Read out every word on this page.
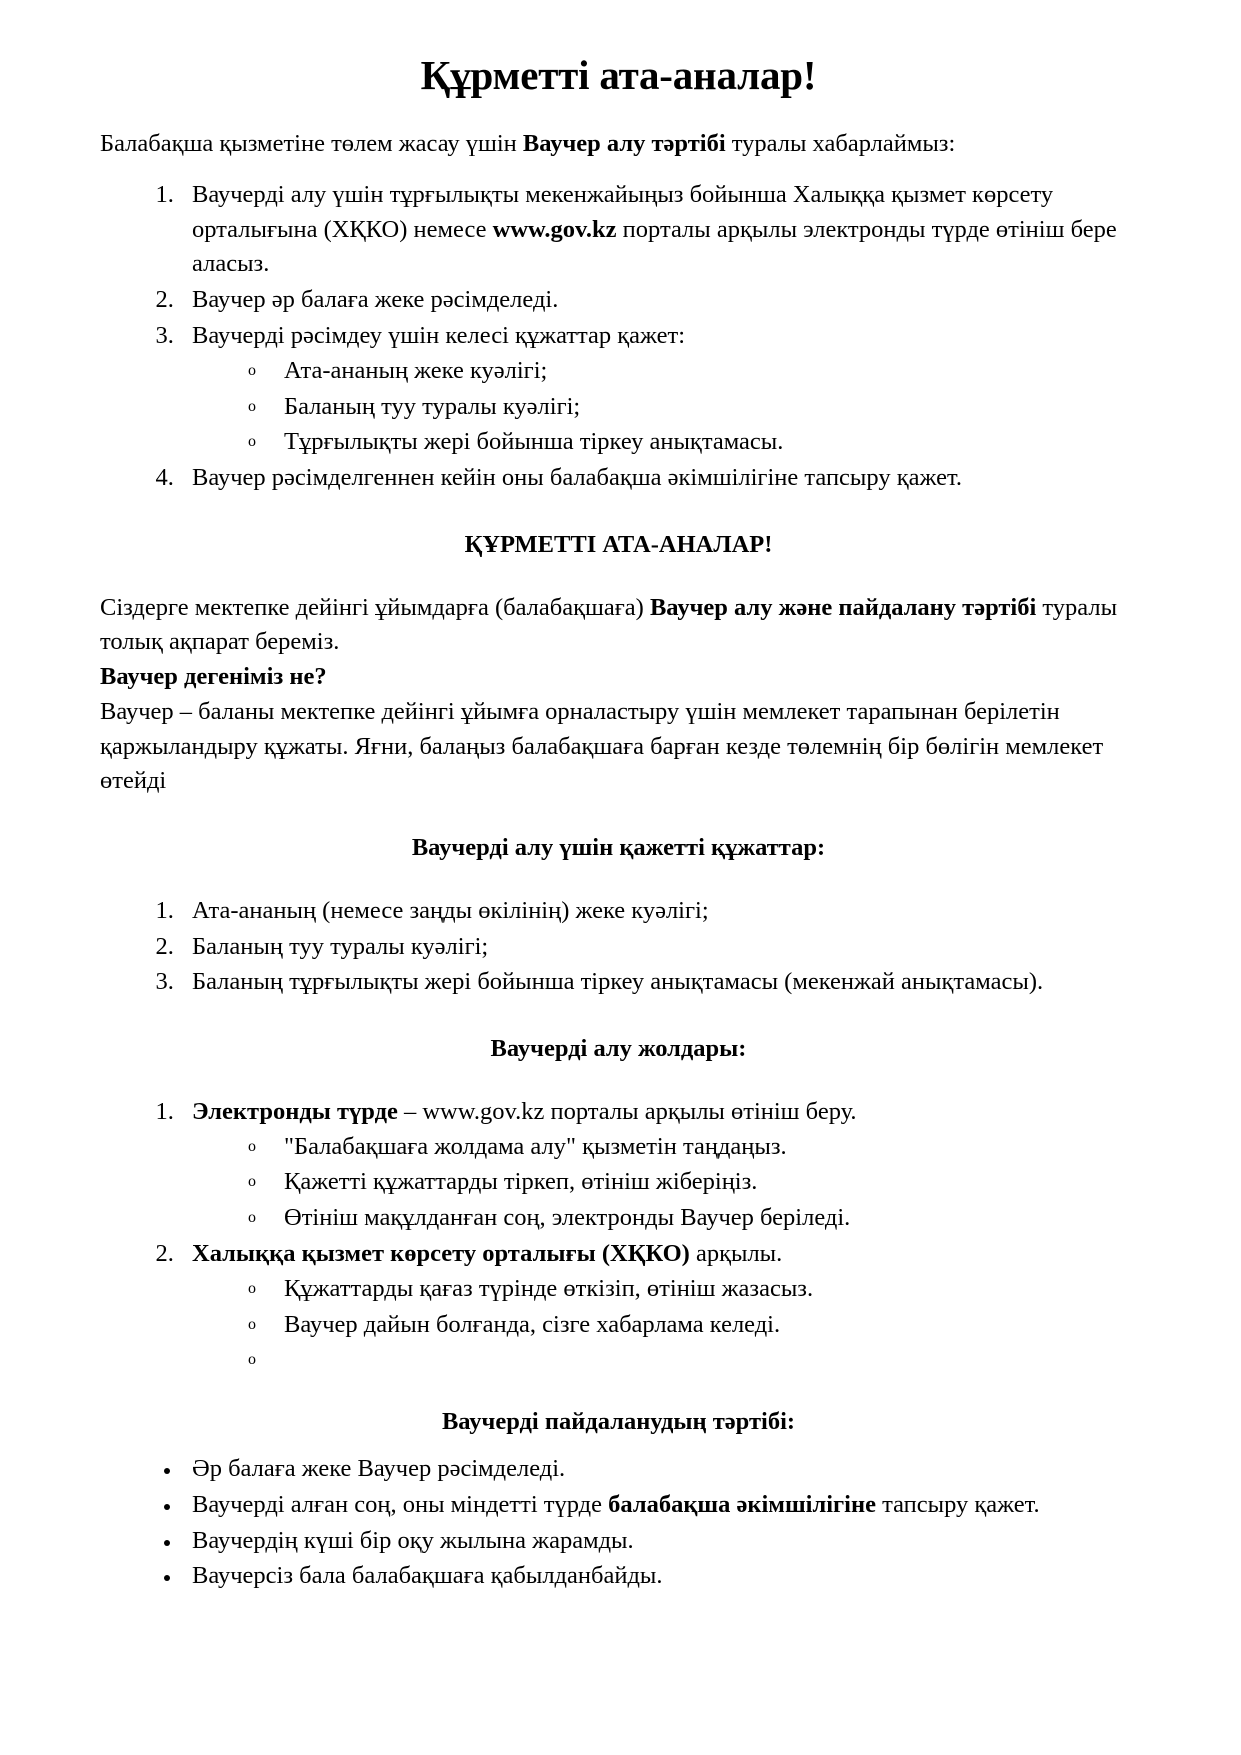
Құрметті ата-аналар!

Балабақша қызметіне төлем жасау үшін Ваучер алу тәртібі туралы хабарлаймыз:

1. Ваучерді алу үшін тұрғылықты мекенжайыңыз бойынша Халыққа қызмет көрсету орталығына (ХҚКО) немесе www.gov.kz порталы арқылы электронды түрде өтініш бере аласыз.
2. Ваучер әр балаға жеке рәсімделеді.
3. Ваучерді рәсімдеу үшін келесі құжаттар қажет:
o Ата-ананың жеке куәлігі;
o Баланың туу туралы куәлігі;
o Тұрғылықты жері бойынша тіркеу анықтамасы.
4. Ваучер рәсімделгеннен кейін оны балабақша әкімшілігіне тапсыру қажет.
ҚҰРМЕТТІ АТА-АНАЛАР!

Сіздерге мектепке дейінгі ұйымдарға (балабақшаға) Ваучер алу және пайдалану тәртібі туралы толық ақпарат береміз.

Ваучер дегеніміз не?

Ваучер – баланы мектепке дейінгі ұйымға орналастыру үшін мемлекет тарапынан берілетін қаржыландыру құжаты. Яғни, балаңыз балабақшаға барған кезде төлемнің бір бөлігін мемлекет өтейді

Ваучерді алу үшін қажетті құжаттар:
1. Ата-ананың (немесе заңды өкілінің) жеке куәлігі;
2. Баланың туу туралы куәлігі;
3. Баланың тұрғылықты жері бойынша тіркеу анықтамасы (мекенжай анықтамасы).
Ваучерді алу жолдары:
1. Электронды түрде – www.gov.kz порталы арқылы өтініш беру.
o "Балабақшаға жолдама алу" қызметін таңдаңыз.
o Қажетті құжаттарды тіркеп, өтініш жіберіңіз.
o Өтініш мақұлданған соң, электронды Ваучер беріледі.
2. Халыққа қызмет көрсету орталығы (ХҚКО) арқылы.
o Құжаттарды қағаз түрінде өткізіп, өтініш жазасыз.
o Ваучер дайын болғанда, сізге хабарлама келеді.
o
Ваучерді пайдаланудың тәртібі:
Әр балаға жеке Ваучер рәсімделеді.
Ваучерді алған соң, оны міндетті түрде балабақша әкімшілігіне тапсыру қажет.
Ваучердің күші бір оқу жылына жарамды.
Ваучерсіз бала балабақшаға қабылданбайды.
